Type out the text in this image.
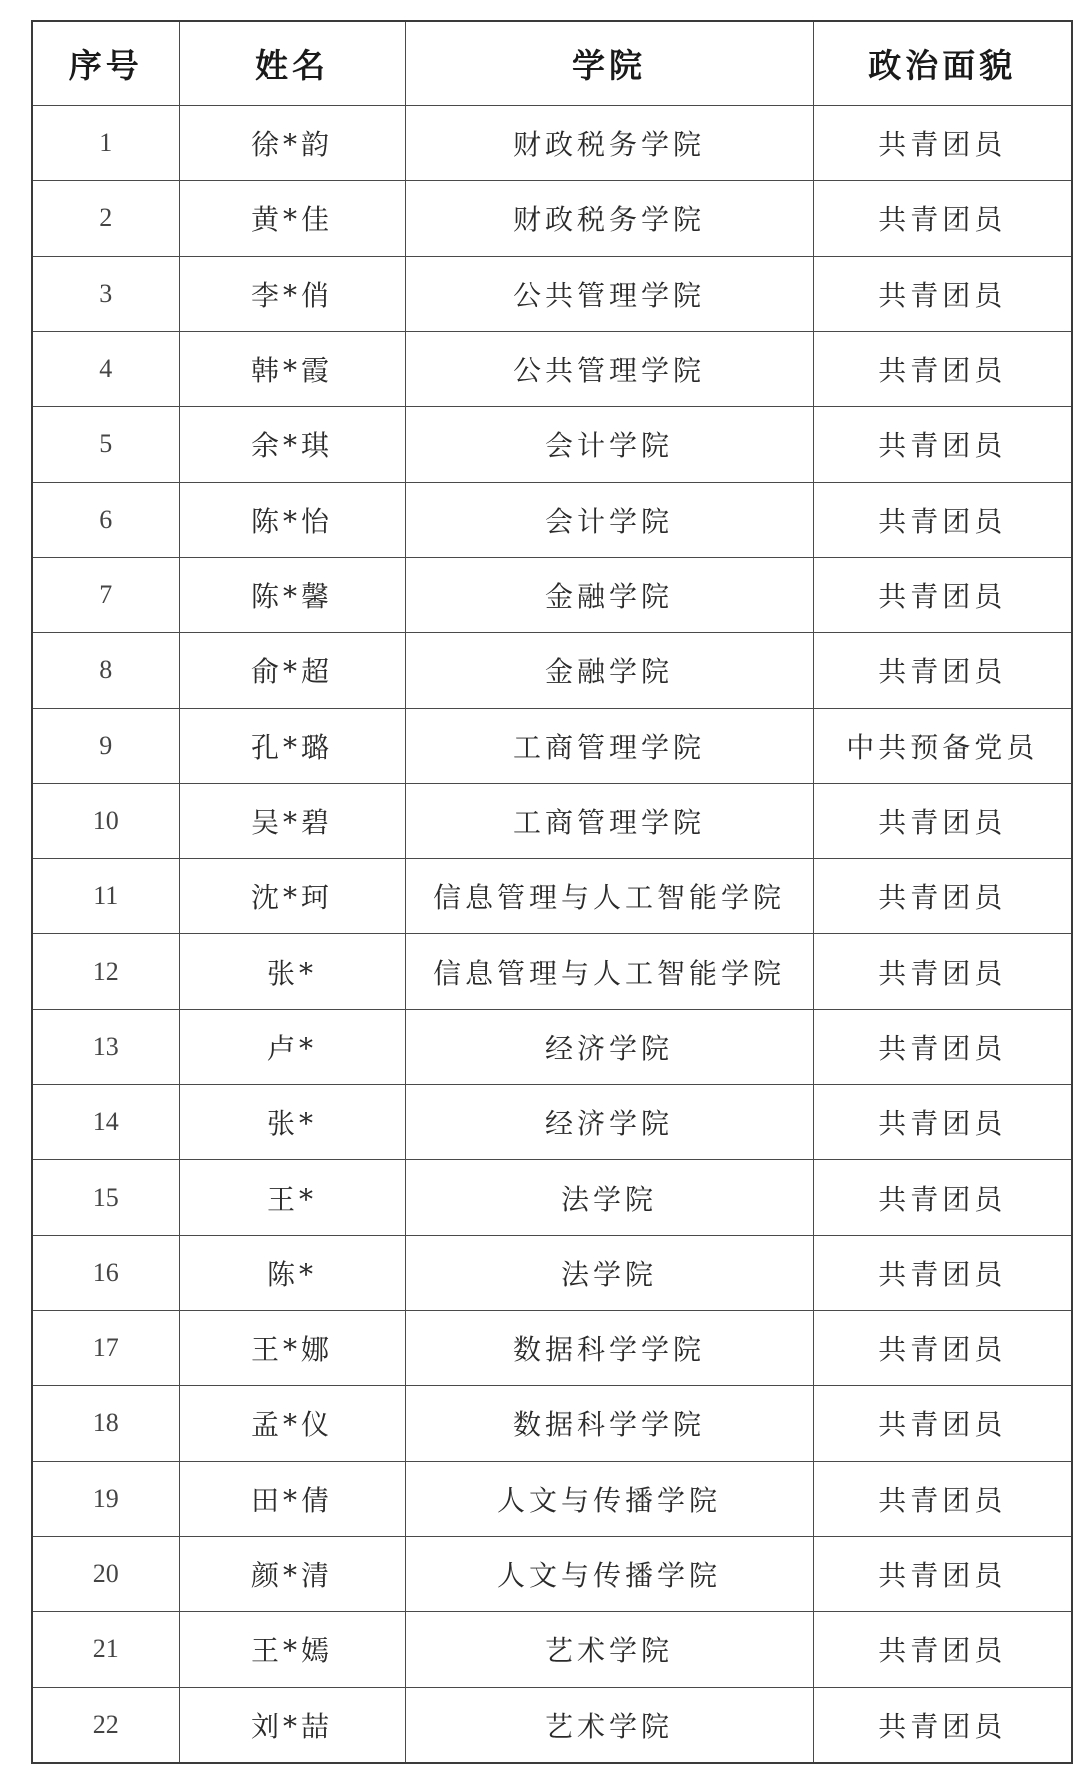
序号	姓名	学院	政治面貌
1	徐*韵	财政税务学院	共青团员
2	黄*佳	财政税务学院	共青团员
3	李*俏	公共管理学院	共青团员
4	韩*霞	公共管理学院	共青团员
5	余*琪	会计学院	共青团员
6	陈*怡	会计学院	共青团员
7	陈*馨	金融学院	共青团员
8	俞*超	金融学院	共青团员
9	孔*璐	工商管理学院	中共预备党员
10	吴*碧	工商管理学院	共青团员
11	沈*珂	信息管理与人工智能学院	共青团员
12	张*	信息管理与人工智能学院	共青团员
13	卢*	经济学院	共青团员
14	张*	经济学院	共青团员
15	王*	法学院	共青团员
16	陈*	法学院	共青团员
17	王*娜	数据科学学院	共青团员
18	孟*仪	数据科学学院	共青团员
19	田*倩	人文与传播学院	共青团员
20	颜*清	人文与传播学院	共青团员
21	王*嫣	艺术学院	共青团员
22	刘*喆	艺术学院	共青团员
